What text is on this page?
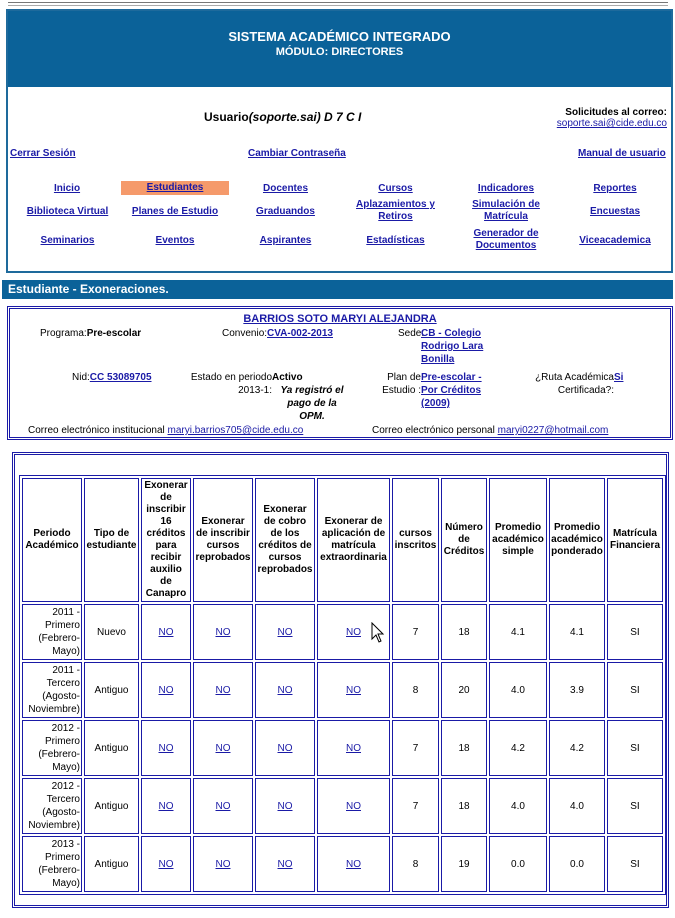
SISTEMA ACADÉMICO INTEGRADO
MÓDULO: DIRECTORES
Usuario(soporte.sai) D 7 C I	Solicitudes al correo:
soporte.sai@cide.edu.co
Cerrar Sesión	Cambiar Contraseña	Manual de usuario
Inicio	Estudiantes	Docentes	Cursos	Indicadores	Reportes
Biblioteca Virtual	Planes de Estudio	Graduandos
Aplazamientos y
Retiros
Simulación de
Matrícula	Encuestas
Seminarios	Eventos	Aspirantes	Estadísticas
Generador de
Documentos	Viceacademica
Estudiante - Exoneraciones.
BARRIOS SOTO MARYI ALEJANDRA
Programa:Pre-escolar	Convenio:CVA-002-2013	Sede:
CB - Colegio
Rodrigo Lara
Bonilla
Nid:CC 53089705	Estado en periodo
2013-1:
Activo
Ya registró el
pago de la
OPM.
Plan de
Estudio :
Pre-escolar -
Por Créditos
(2009)
¿Ruta Académica
Certificada?:
Si
Correo electrónico institucional maryi.barrios705@cide.edu.co	Correo electrónico personal maryi0227@hotmail.com
Periodo Académico	Tipo de estudiante	Exonerar de inscribir 16 créditos para recibir auxilio de Canapro	Exonerar de inscribir cursos reprobados	Exonerar de cobro de los créditos de cursos reprobados	Exonerar de aplicación de matrícula extraordinaria	cursos inscritos	Número de Créditos	Promedio académico simple	Promedio académico ponderado	Matrícula Financiera
2011 -
Primero
(Febrero-
Mayo)	Nuevo	NO	NO	NO	NO	7	18	4.1	4.1	SI
2011 -
Tercero
(Agosto-
Noviembre)	Antiguo	NO	NO	NO	NO	8	20	4.0	3.9	SI
2012 -
Primero
(Febrero-
Mayo)	Antiguo	NO	NO	NO	NO	7	18	4.2	4.2	SI
2012 -
Tercero
(Agosto-
Noviembre)	Antiguo	NO	NO	NO	NO	7	18	4.0	4.0	SI
2013 -
Primero
(Febrero-
Mayo)	Antiguo	NO	NO	NO	NO	8	19	0.0	0.0	SI
